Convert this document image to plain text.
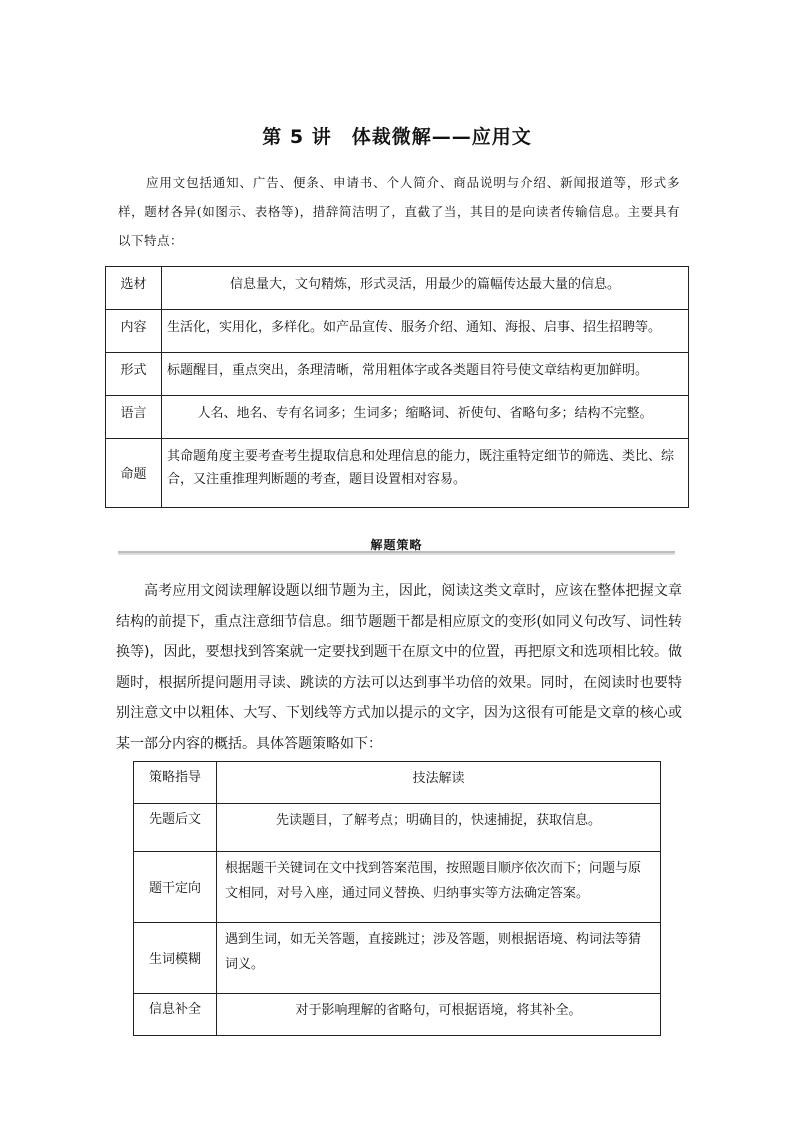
第 5 讲　体裁微解——应用文
应用文包括通知、广告、便条、申请书、个人简介、商品说明与介绍、新闻报道等，形式多样，题材各异(如图示、表格等)，措辞简洁明了，直截了当，其目的是向读者传输信息。主要具有以下特点：
选材	信息量大，文句精炼，形式灵活，用最少的篇幅传达最大量的信息。
内容	生活化，实用化，多样化。如产品宣传、服务介绍、通知、海报、启事、招生招聘等。
形式	标题醒目，重点突出，条理清晰，常用粗体字或各类题目符号使文章结构更加鲜明。
语言	人名、地名、专有名词多；生词多；缩略词、祈使句、省略句多；结构不完整。
命题	其命题角度主要考查考生提取信息和处理信息的能力，既注重特定细节的筛选、类比、综合，又注重推理判断题的考查，题目设置相对容易。
解题策略
高考应用文阅读理解设题以细节题为主，因此，阅读这类文章时，应该在整体把握文章结构的前提下，重点注意细节信息。细节题题干都是相应原文的变形(如同义句改写、词性转换等)，因此，要想找到答案就一定要找到题干在原文中的位置，再把原文和选项相比较。做题时，根据所提问题用寻读、跳读的方法可以达到事半功倍的效果。同时，在阅读时也要特别注意文中以粗体、大写、下划线等方式加以提示的文字，因为这很有可能是文章的核心或某一部分内容的概括。具体答题策略如下：
策略指导	技法解读
先题后文	先读题目，了解考点；明确目的，快速捕捉，获取信息。
题干定向	根据题干关键词在文中找到答案范围，按照题目顺序依次而下；问题与原文相同，对号入座，通过同义替换、归纳事实等方法确定答案。
生词模糊	遇到生词，如无关答题，直接跳过；涉及答题，则根据语境、构词法等猜词义。
信息补全	对于影响理解的省略句，可根据语境，将其补全。
